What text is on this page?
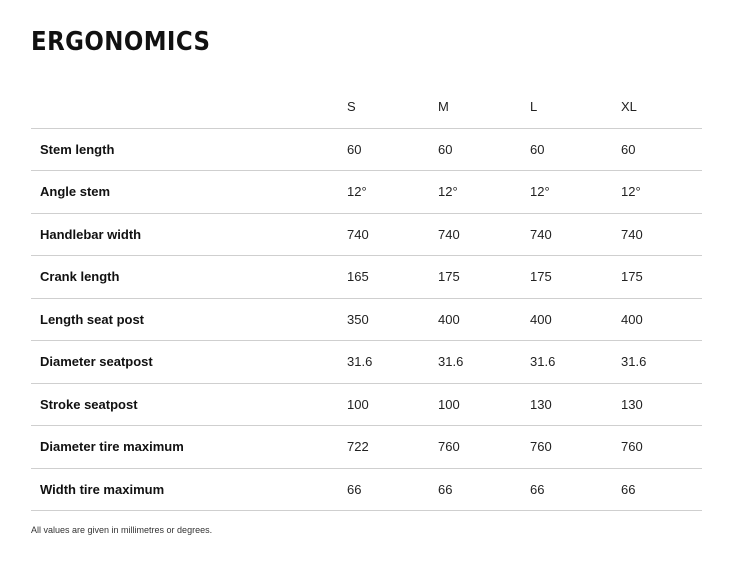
ERGONOMICS
	S	M	L	XL
Stem length	60	60	60	60
Angle stem	12°	12°	12°	12°
Handlebar width	740	740	740	740
Crank length	165	175	175	175
Length seat post	350	400	400	400
Diameter seatpost	31.6	31.6	31.6	31.6
Stroke seatpost	100	100	130	130
Diameter tire maximum	722	760	760	760
Width tire maximum	66	66	66	66
All values are given in millimetres or degrees.
